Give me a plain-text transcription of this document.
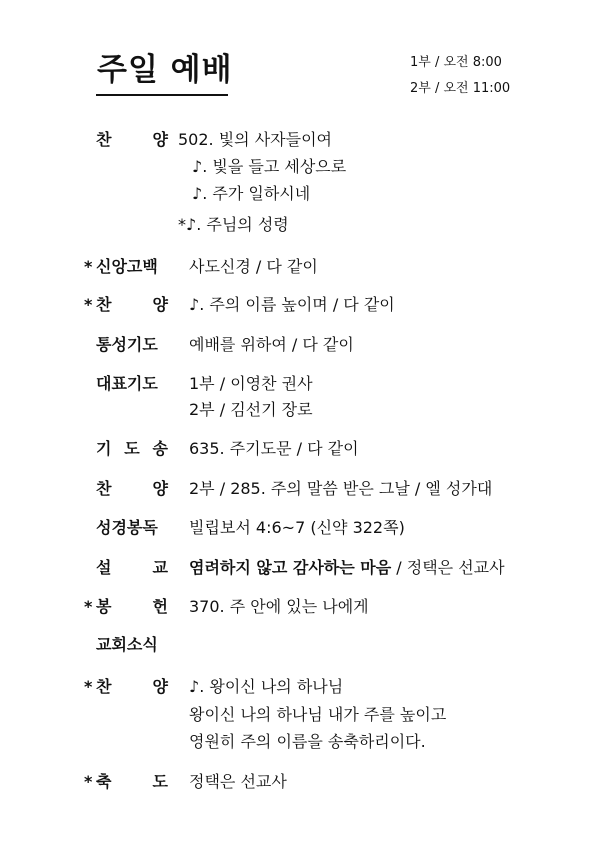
주일 예배	1부 / 오전 8:00
2부 / 오전 11:00
찬	양 502. 빛의 사자들이여
♪. 빛을 들고 세상으로
♪. 주가 일하시네
*♪. 주님의 성령
* 신앙고백	사도신경 / 다 같이
* 찬	양 ♪. 주의 이름 높이며 / 다 같이
통성기도	예배를 위하여 / 다 같이
대표기도	1부 / 이영찬 권사
2부 / 김선기 장로
기 도 송 635. 주기도문 / 다 같이
찬	양 2부 / 285. 주의 말씀 받은 그날 / 엘 성가대
성경봉독	빌립보서 4:6~7 (신약 322쪽)
설	교 염려하지 않고 감사하는 마음 / 정택은 선교사
* 봉	헌 370. 주 안에 있는 나에게
교회소식
* 찬	양 ♪. 왕이신 나의 하나님
왕이신 나의 하나님 내가 주를 높이고
영원히 주의 이름을 송축하리이다.
* 축	도 정택은 선교사
